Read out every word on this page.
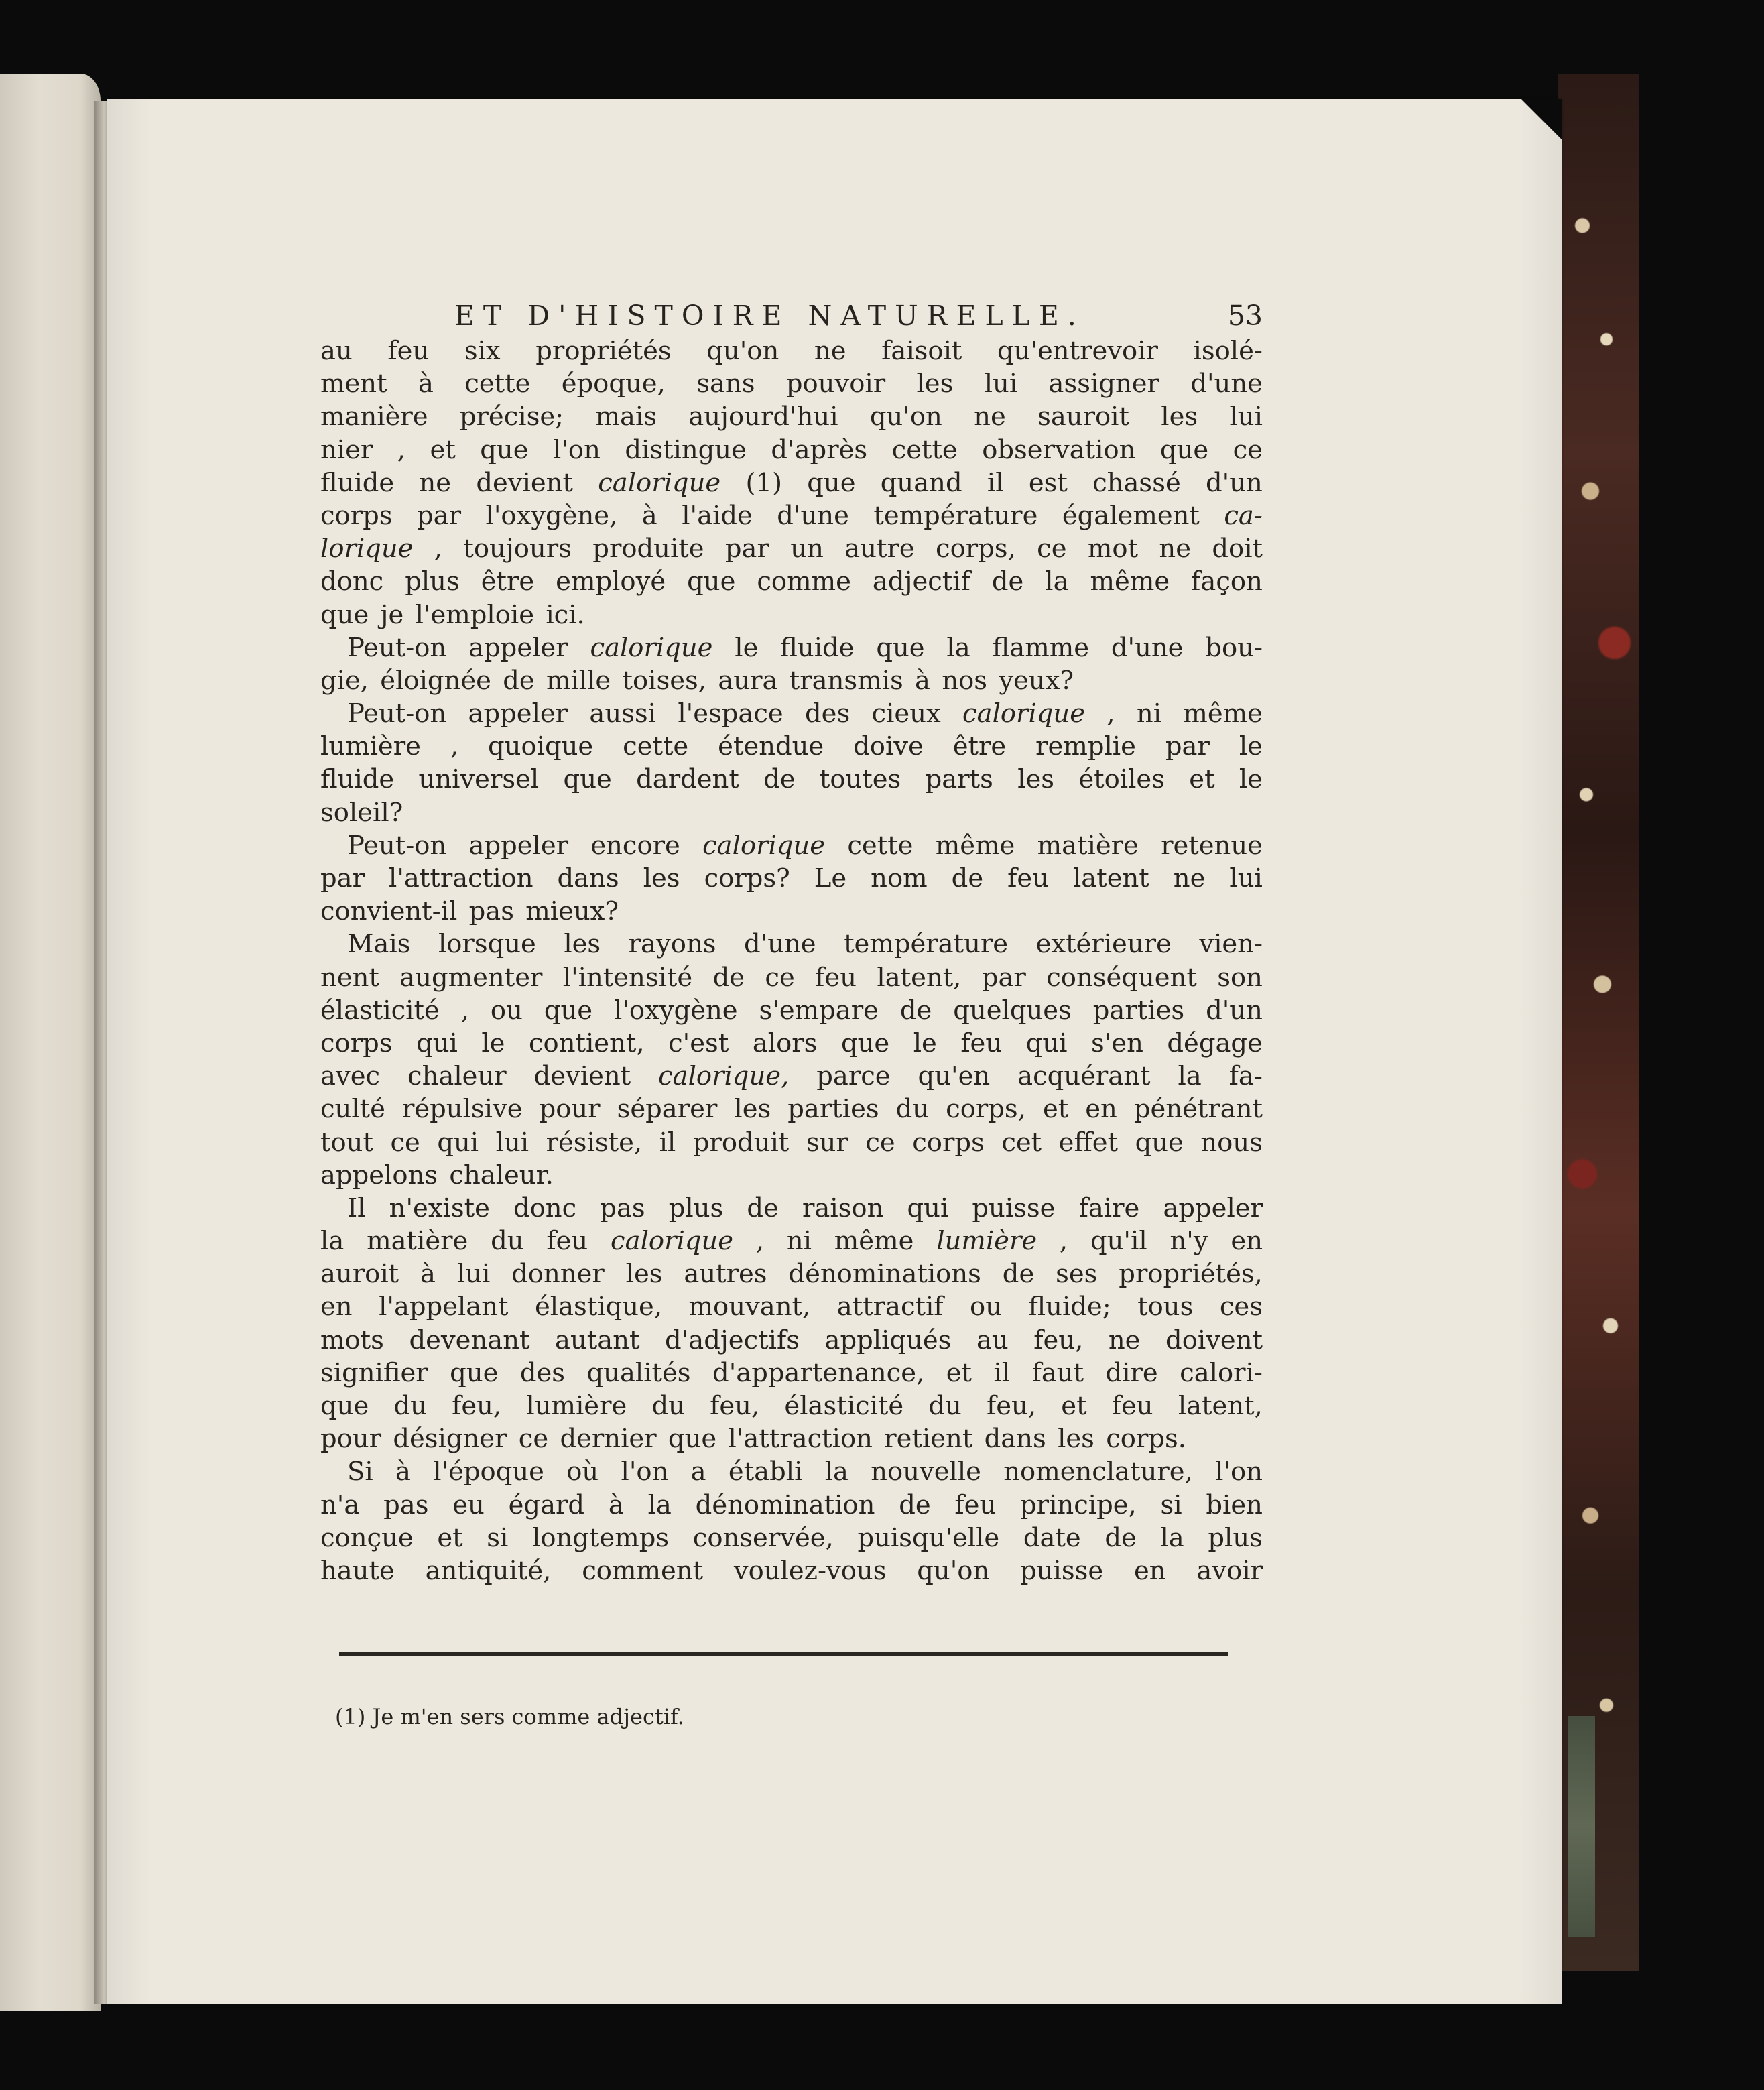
ET D'HISTOIRE NATURELLE.	53
au feu six propriétés qu'on ne faisoit qu'entrevoir isolé-
ment à cette époque, sans pouvoir les lui assigner d'une
manière précise; mais aujourd'hui qu'on ne sauroit les lui
nier , et que l'on distingue d'après cette observation que ce
fluide ne devient calorique (1) que quand il est chassé d'un
corps par l'oxygène, à l'aide d'une température également ca-
lorique , toujours produite par un autre corps, ce mot ne doit
donc plus être employé que comme adjectif de la même façon
que je l'emploie ici.
Peut-on appeler calorique le fluide que la flamme d'une bou-
gie, éloignée de mille toises, aura transmis à nos yeux?
Peut-on appeler aussi l'espace des cieux calorique , ni même
lumière , quoique cette étendue doive être remplie par le
fluide universel que dardent de toutes parts les étoiles et le
soleil?
Peut-on appeler encore calorique cette même matière retenue
par l'attraction dans les corps? Le nom de feu latent ne lui
convient-il pas mieux?
Mais lorsque les rayons d'une température extérieure vien-
nent augmenter l'intensité de ce feu latent, par conséquent son
élasticité , ou que l'oxygène s'empare de quelques parties d'un
corps qui le contient, c'est alors que le feu qui s'en dégage
avec chaleur devient calorique, parce qu'en acquérant la fa-
culté répulsive pour séparer les parties du corps, et en pénétrant
tout ce qui lui résiste, il produit sur ce corps cet effet que nous
appelons chaleur.
Il n'existe donc pas plus de raison qui puisse faire appeler
la matière du feu calorique , ni même lumière , qu'il n'y en
auroit à lui donner les autres dénominations de ses propriétés,
en l'appelant élastique, mouvant, attractif ou fluide; tous ces
mots devenant autant d'adjectifs appliqués au feu, ne doivent
signifier que des qualités d'appartenance, et il faut dire calori-
que du feu, lumière du feu, élasticité du feu, et feu latent,
pour désigner ce dernier que l'attraction retient dans les corps.
Si à l'époque où l'on a établi la nouvelle nomenclature, l'on
n'a pas eu égard à la dénomination de feu principe, si bien
conçue et si longtemps conservée, puisqu'elle date de la plus
haute antiquité, comment voulez-vous qu'on puisse en avoir
(1) Je m'en sers comme adjectif.
